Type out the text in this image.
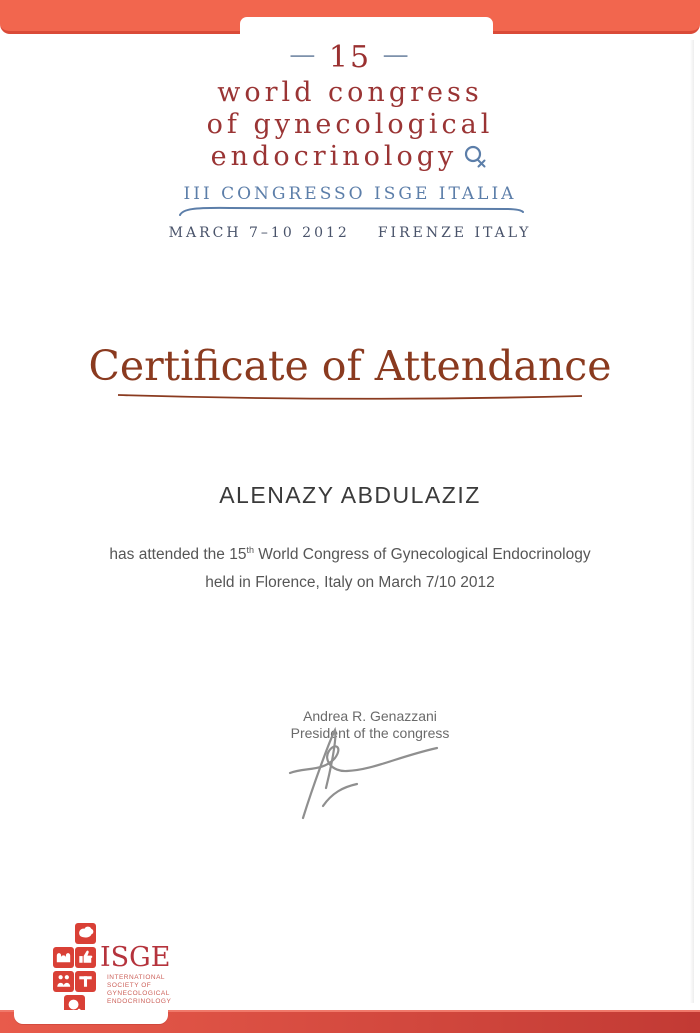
— 15 —
world congress
of gynecological
endocrinology
III CONGRESSO ISGE ITALIA
MARCH 7–10 2012 FIRENZE ITALY
Certificate of Attendance
ALENAZY ABDULAZIZ
has attended the 15th World Congress of Gynecological Endocrinology
held in Florence, Italy on March 7/10 2012
Andrea R. Genazzani
President of the congress
ISGE
INTERNATIONAL
SOCIETY OF
GYNECOLOGICAL
ENDOCRINOLOGY
